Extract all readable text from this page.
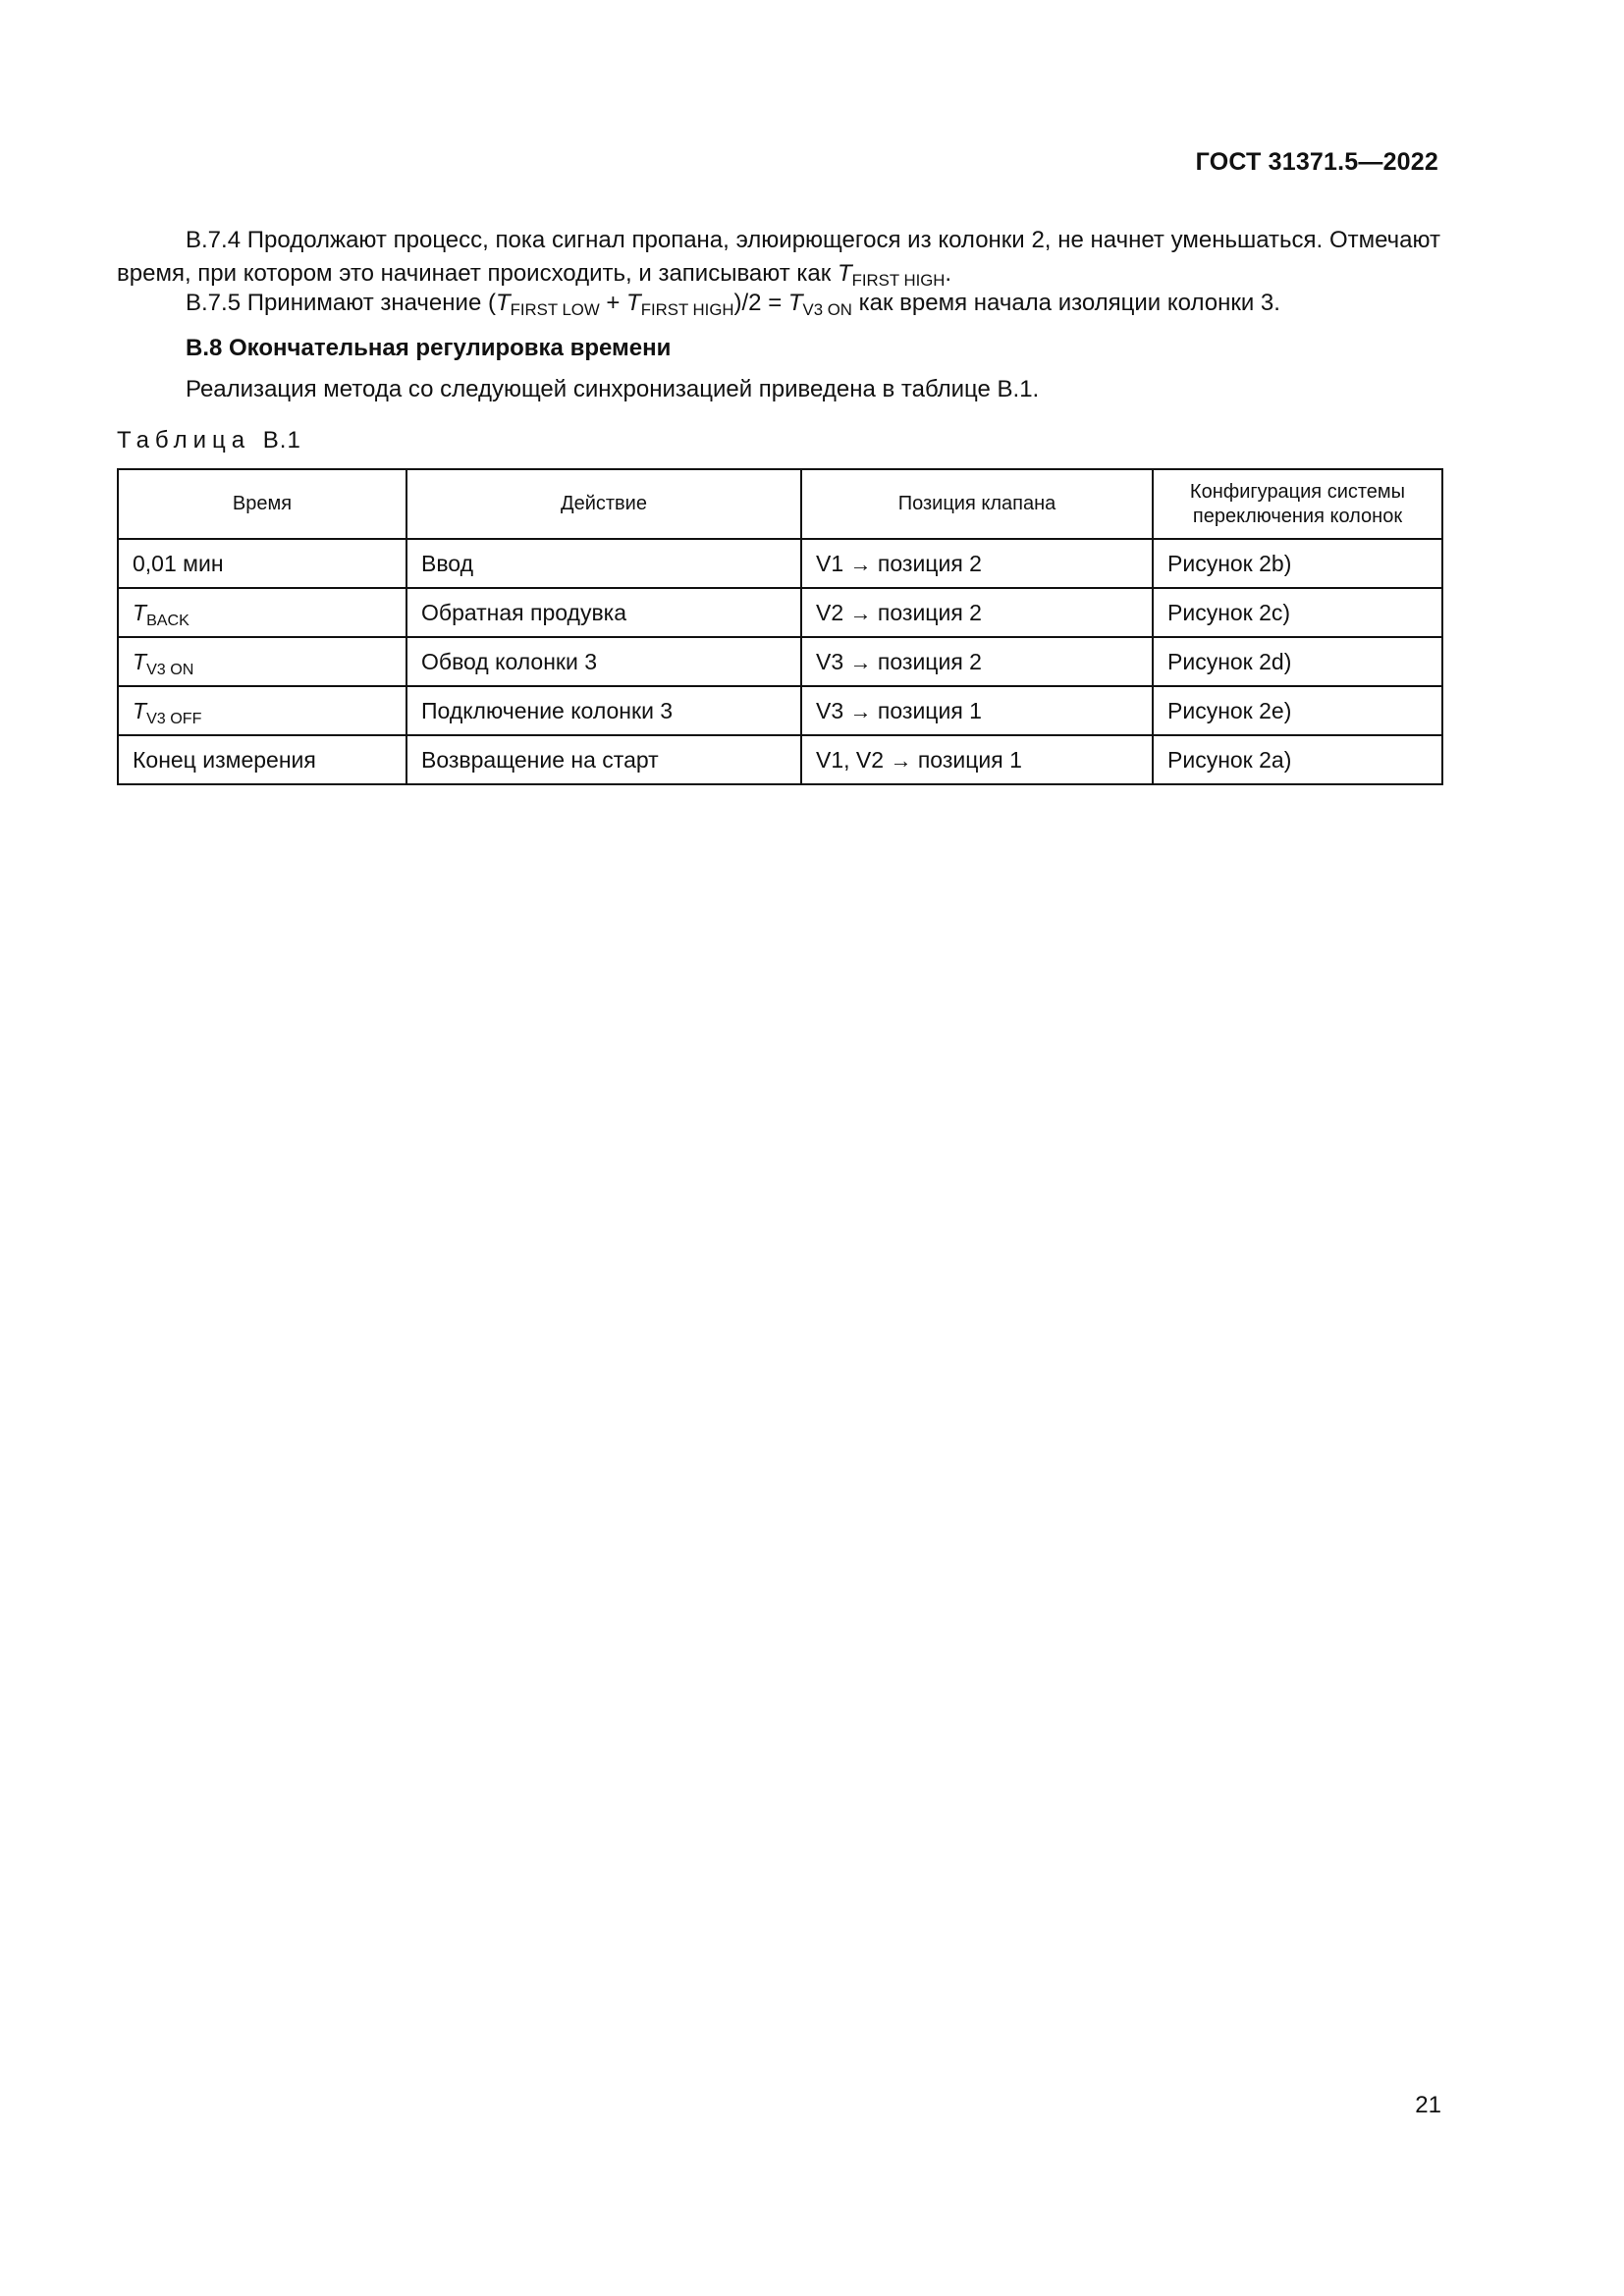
ГОСТ 31371.5—2022
В.7.4 Продолжают процесс, пока сигнал пропана, элюирющегося из колонки 2, не начнет уменьшаться. Отмечают время, при котором это начинает происходить, и записывают как $T_{FIRST HIGH}$.
В.7.5 Принимают значение $(T_{FIRST LOW} + T_{FIRST HIGH})/2 = T_{V3 ON}$ как время начала изоляции колонки 3.
В.8 Окончательная регулировка времени
Реализация метода со следующей синхронизацией приведена в таблице В.1.
Таблица В.1
Время	Действие	Позиция клапана	Конфигурация системы переключения колонок
0,01 мин	Ввод	V1 → позиция 2	Рисунок 2b)
$T_{BACK}$	Обратная продувка	V2 → позиция 2	Рисунок 2c)
$T_{V3 ON}$	Обвод колонки 3	V3 → позиция 2	Рисунок 2d)
$T_{V3 OFF}$	Подключение колонки 3	V3 → позиция 1	Рисунок 2e)
Конец измерения	Возвращение на старт	V1, V2 → позиция 1	Рисунок 2a)
21
